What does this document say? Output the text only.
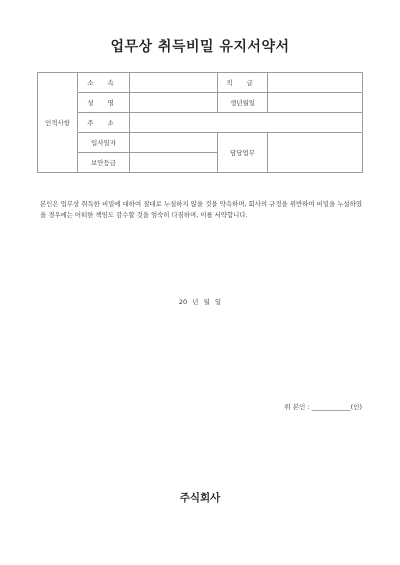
업무상 취득비밀 유지서약서
인적사항	소 속		직 급	
	성 명		생년월일	
	주 소			
	입사일자		담당업무	
	보안등급			
본인은 업무상 취득한 비밀에 대하여 절대로 누설하지 않을 것을 약속하며, 회사의 규정을 위반하여 비밀을 누설하였을 경우에는 어떠한 책임도 감수할 것을 엄숙히 다짐하며, 이를 서약합니다.
20 년 월 일
위 본인 : ____________(인)
주식회사
